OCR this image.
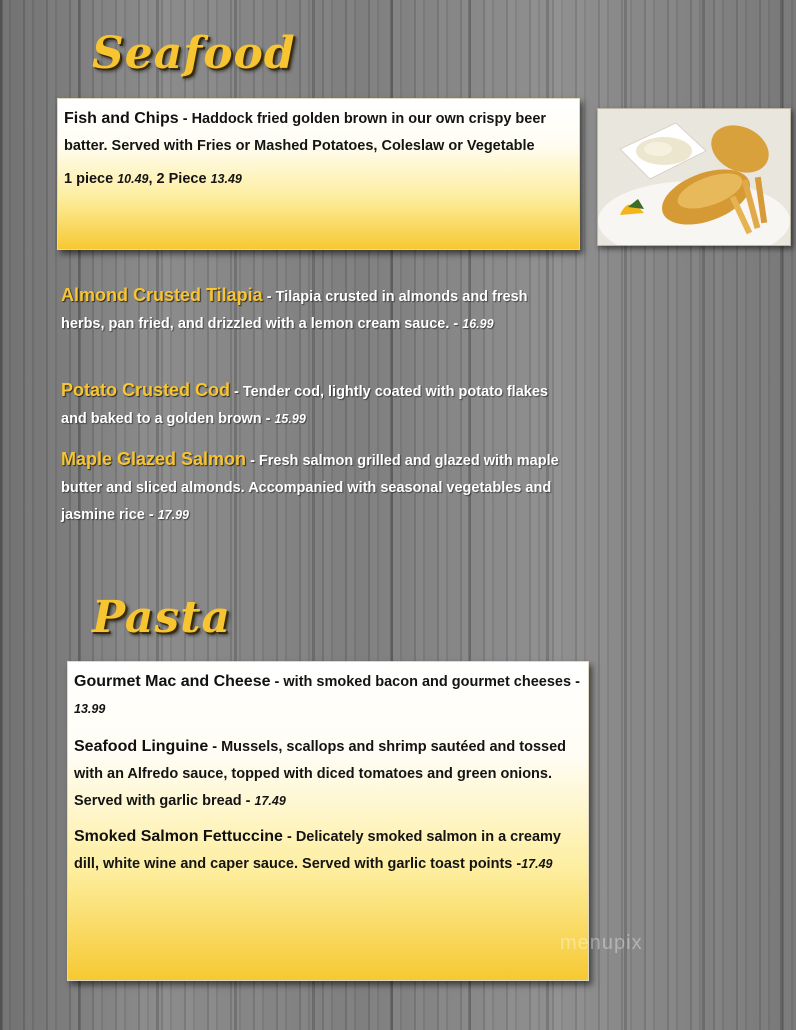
Seafood
Fish and Chips - Haddock fried golden brown in our own crispy beer batter. Served with Fries or Mashed Potatoes, Coleslaw or Vegetable
1 piece 10.49, 2 Piece 13.49
Almond Crusted Tilapia - Tilapia crusted in almonds and fresh herbs, pan fried, and drizzled with a lemon cream sauce. - 16.99
Potato Crusted Cod - Tender cod, lightly coated with potato flakes and baked to a golden brown - 15.99
Maple Glazed Salmon - Fresh salmon grilled and glazed with maple butter and sliced almonds. Accompanied with seasonal vegetables and jasmine rice - 17.99
Pasta
Gourmet Mac and Cheese - with smoked bacon and gourmet cheeses - 13.99
Seafood Linguine - Mussels, scallops and shrimp sautéed and tossed with an Alfredo sauce, topped with diced tomatoes and green onions. Served with garlic bread - 17.49
Smoked Salmon Fettuccine - Delicately smoked salmon in a creamy dill, white wine and caper sauce. Served with garlic toast points -17.49
menupix
